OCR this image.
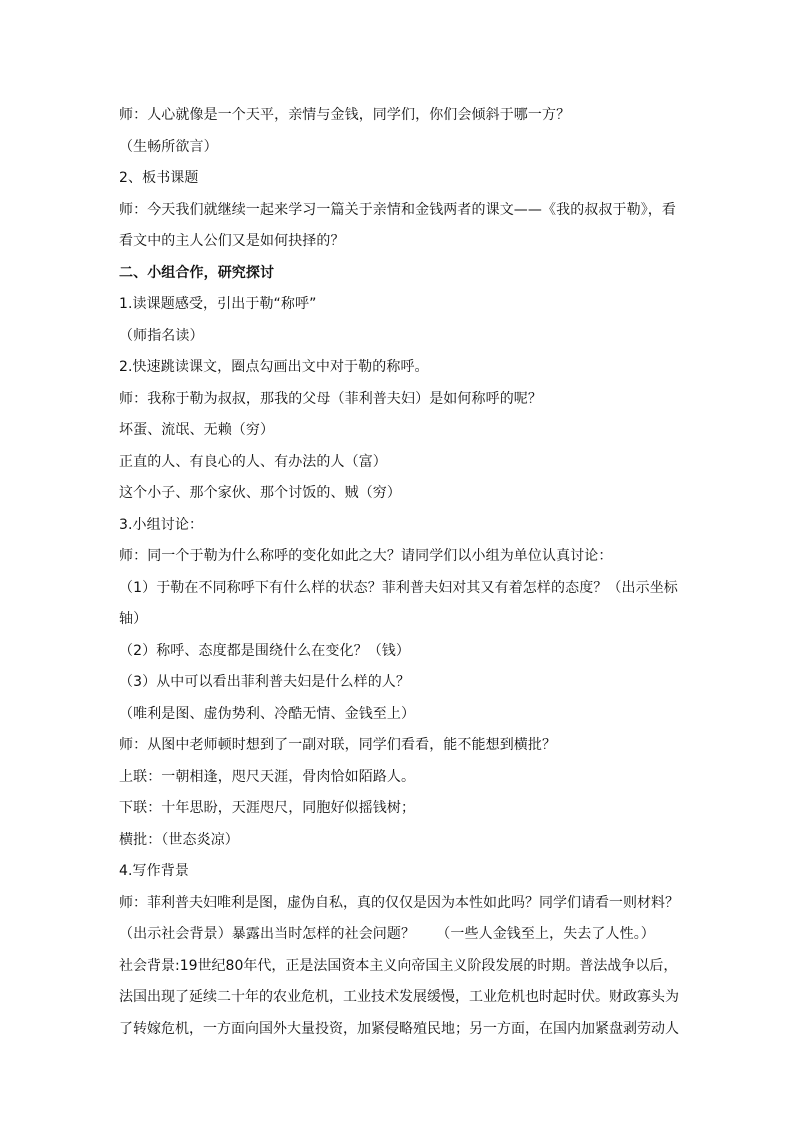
师：人心就像是一个天平，亲情与金钱，同学们，你们会倾斜于哪一方？
（生畅所欲言）
2、板书课题
师：今天我们就继续一起来学习一篇关于亲情和金钱两者的课文——《我的叔叔于勒》，看
看文中的主人公们又是如何抉择的？
二、小组合作，研究探讨
1.读课题感受，引出于勒“称呼”
（师指名读）
2.快速跳读课文，圈点勾画出文中对于勒的称呼。
师：我称于勒为叔叔，那我的父母（菲利普夫妇）是如何称呼的呢？
坏蛋、流氓、无赖（穷）
正直的人、有良心的人、有办法的人（富）
这个小子、那个家伙、那个讨饭的、贼（穷）
3.小组讨论：
师：同一个于勒为什么称呼的变化如此之大？请同学们以小组为单位认真讨论：
（1）于勒在不同称呼下有什么样的状态？菲利普夫妇对其又有着怎样的态度？（出示坐标
轴）
（2）称呼、态度都是围绕什么在变化？（钱）
（3）从中可以看出菲利普夫妇是什么样的人？
（唯利是图、虚伪势利、冷酷无情、金钱至上）
师：从图中老师顿时想到了一副对联，同学们看看，能不能想到横批？
上联：一朝相逢，咫尺天涯，骨肉恰如陌路人。
下联：十年思盼，天涯咫尺，同胞好似摇钱树；
横批：（世态炎凉）
4.写作背景
师：菲利普夫妇唯利是图，虚伪自私，真的仅仅是因为本性如此吗？同学们请看一则材料？
（出示社会背景）暴露出当时怎样的社会问题？　　（一些人金钱至上，失去了人性。）
社会背景:19世纪80年代，正是法国资本主义向帝国主义阶段发展的时期。普法战争以后，
法国出现了延续二十年的农业危机，工业技术发展缓慢，工业危机也时起时伏。财政寡头为
了转嫁危机，一方面向国外大量投资，加紧侵略殖民地；另一方面，在国内加紧盘剥劳动人
